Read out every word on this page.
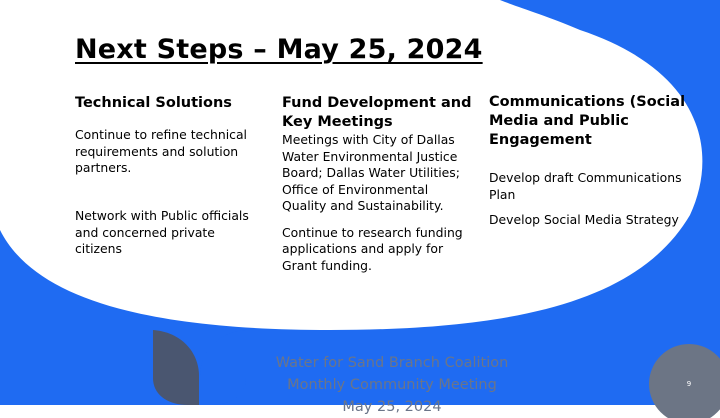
Next Steps – May 25, 2024

Technical Solutions

Continue to refine technical requirements and solution partners.

Network with Public officials and concerned private citizens

Fund Development and Key Meetings

Meetings with City of Dallas Water Environmental Justice Board; Dallas Water Utilities; Office of Environmental Quality and Sustainability.

Continue to research funding applications and apply for Grant funding.

Communications (Social Media and Public Engagement

Develop draft Communications Plan

Develop Social Media Strategy

Water for Sand Branch Coalition
Monthly Community Meeting
May 25, 2024
9
